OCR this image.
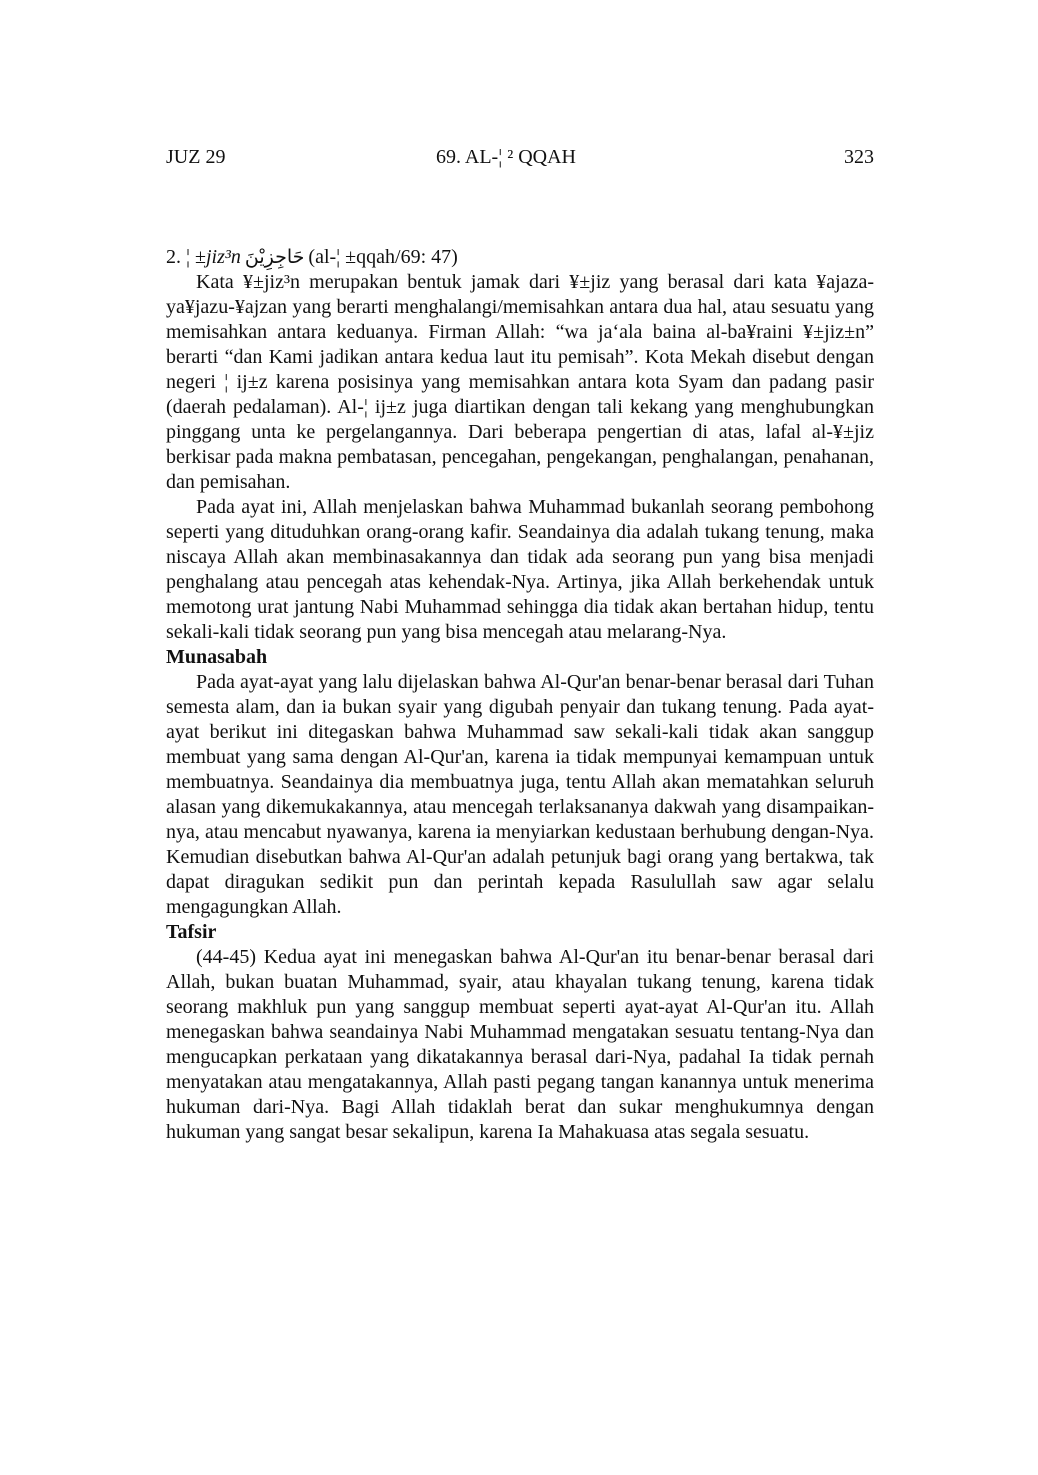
JUZ 29	69. AL-¦ ² QQAH	323

2. ¦ ±jiz³n حَاجِزِيْنَ (al-¦ ±qqah/69: 47)

Kata ¥±jiz³n merupakan bentuk jamak dari ¥±jiz yang berasal dari kata ¥ajaza-ya¥jazu-¥ajzan yang berarti menghalangi/memisahkan antara dua hal, atau sesuatu yang memisahkan antara keduanya. Firman Allah: “wa ja‘ala baina al-ba¥raini ¥±jiz±n” berarti “dan Kami jadikan antara kedua laut itu pemisah”. Kota Mekah disebut dengan negeri ¦ ij±z karena posisinya yang memisahkan antara kota Syam dan padang pasir (daerah pedalaman). Al-¦ ij±z juga diartikan dengan tali kekang yang menghubungkan pinggang unta ke pergelangannya. Dari beberapa pengertian di atas, lafal al-¥±jiz berkisar pada makna pembatasan, pencegahan, pengekangan, penghalangan, penahanan, dan pemisahan.

Pada ayat ini, Allah menjelaskan bahwa Muhammad bukanlah seorang pembohong seperti yang dituduhkan orang-orang kafir. Seandainya dia adalah tukang tenung, maka niscaya Allah akan membinasakannya dan tidak ada seorang pun yang bisa menjadi penghalang atau pencegah atas kehendak-Nya. Artinya, jika Allah berkehendak untuk memotong urat jantung Nabi Muhammad sehingga dia tidak akan bertahan hidup, tentu sekali-kali tidak seorang pun yang bisa mencegah atau melarang-Nya.

Munasabah

Pada ayat-ayat yang lalu dijelaskan bahwa Al-Qur'an benar-benar berasal dari Tuhan semesta alam, dan ia bukan syair yang digubah penyair dan tukang tenung. Pada ayat-ayat berikut ini ditegaskan bahwa Muhammad saw sekali-kali tidak akan sanggup membuat yang sama dengan Al-Qur'an, karena ia tidak mempunyai kemampuan untuk membuatnya. Seandainya dia membuatnya juga, tentu Allah akan mematahkan seluruh alasan yang dikemukakannya, atau mencegah terlaksananya dakwah yang disampaikan-nya, atau mencabut nyawanya, karena ia menyiarkan kedustaan berhubung dengan-Nya. Kemudian disebutkan bahwa Al-Qur'an adalah petunjuk bagi orang yang bertakwa, tak dapat diragukan sedikit pun dan perintah kepada Rasulullah saw agar selalu mengagungkan Allah.

Tafsir

(44-45) Kedua ayat ini menegaskan bahwa Al-Qur'an itu benar-benar berasal dari Allah, bukan buatan Muhammad, syair, atau khayalan tukang tenung, karena tidak seorang makhluk pun yang sanggup membuat seperti ayat-ayat Al-Qur'an itu. Allah menegaskan bahwa seandainya Nabi Muhammad mengatakan sesuatu tentang-Nya dan mengucapkan perkataan yang dikatakannya berasal dari-Nya, padahal Ia tidak pernah menyatakan atau mengatakannya, Allah pasti pegang tangan kanannya untuk menerima hukuman dari-Nya. Bagi Allah tidaklah berat dan sukar menghukumnya dengan hukuman yang sangat besar sekalipun, karena Ia Mahakuasa atas segala sesuatu.
